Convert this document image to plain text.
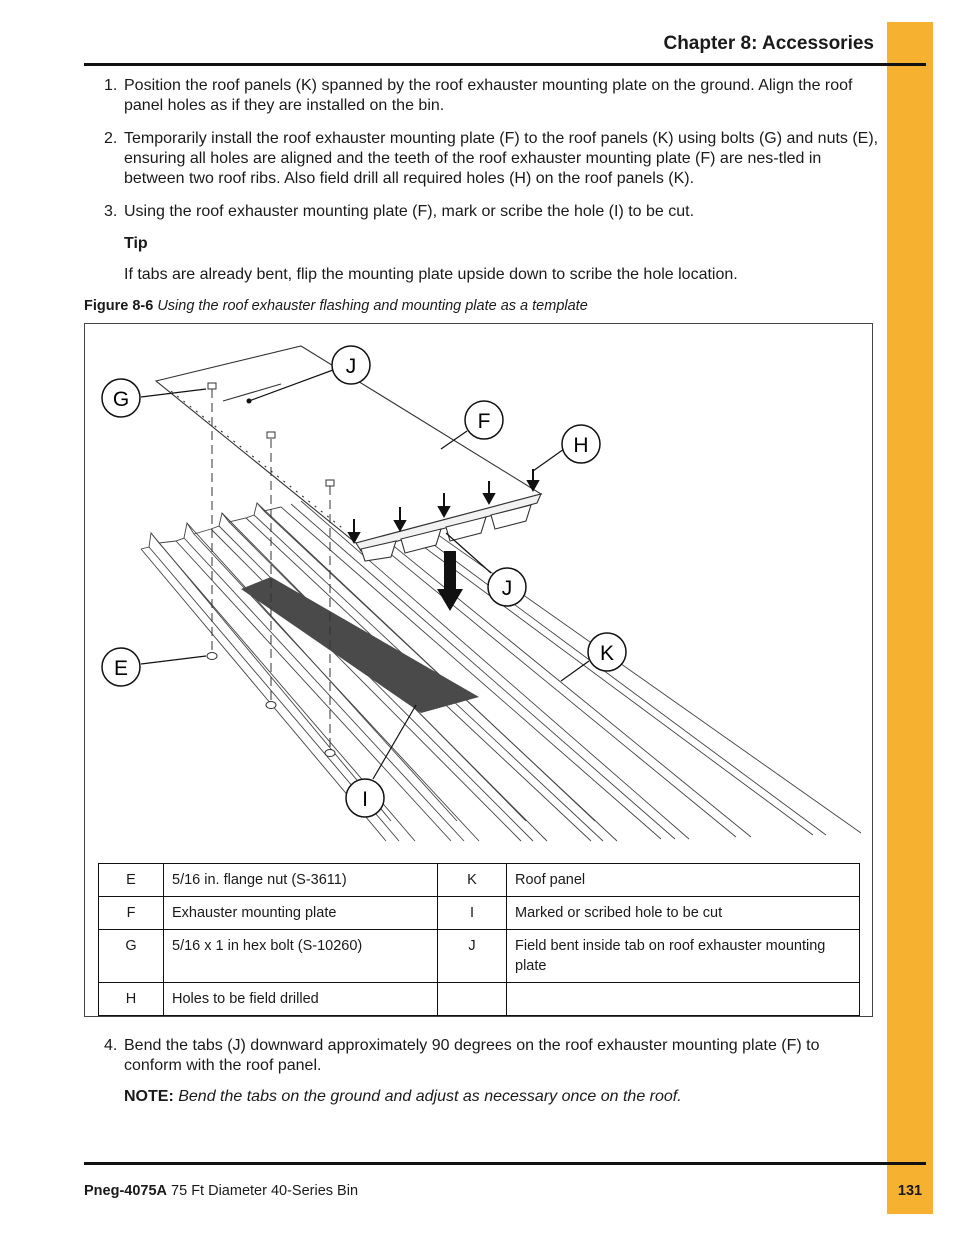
Chapter 8: Accessories
1. Position the roof panels (K) spanned by the roof exhauster mounting plate on the ground. Align the roof panel holes as if they are installed on the bin.
2. Temporarily install the roof exhauster mounting plate (F) to the roof panels (K) using bolts (G) and nuts (E), ensuring all holes are aligned and the teeth of the roof exhauster mounting plate (F) are nes-tled in between two roof ribs. Also field drill all required holes (H) on the roof panels (K).
3. Using the roof exhauster mounting plate (F), mark or scribe the hole (I) to be cut.
Tip
If tabs are already bent, flip the mounting plate upside down to scribe the hole location.
Figure 8-6 Using the roof exhauster flashing and mounting plate as a template
G
J
F
H
J
K
E
I
E	5/16 in. flange nut (S-3611)	K	Roof panel
F	Exhauster mounting plate	I	Marked or scribed hole to be cut
G	5/16 x 1 in hex bolt (S-10260)	J	Field bent inside tab on roof exhauster mounting plate
H	Holes to be field drilled		
4. Bend the tabs (J) downward approximately 90 degrees on the roof exhauster mounting plate (F) to conform with the roof panel.
NOTE: Bend the tabs on the ground and adjust as necessary once on the roof.
Pneg-4075A 75 Ft Diameter 40-Series Bin	131
